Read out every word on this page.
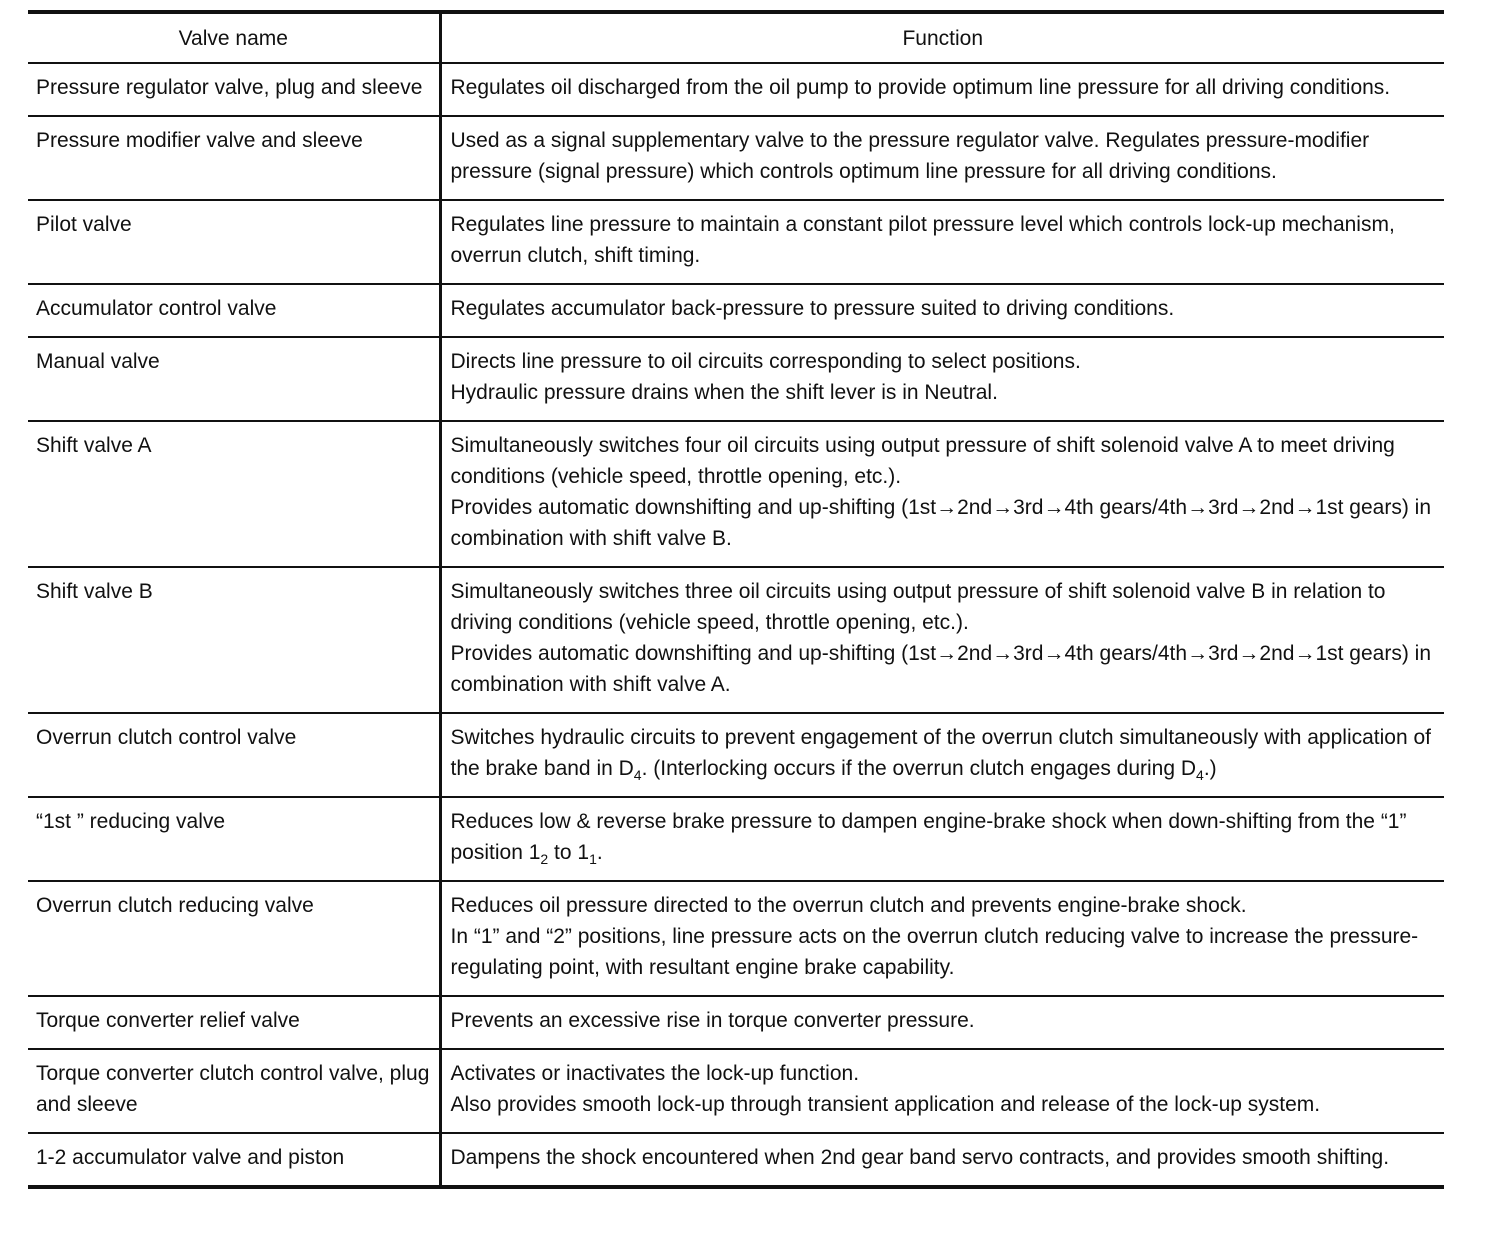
Valve name	Function
Pressure regulator valve, plug and sleeve	Regulates oil discharged from the oil pump to provide optimum line pressure for all driving conditions.

Pressure modifier valve and sleeve	Used as a signal supplementary valve to the pressure regulator valve. Regulates pressure-modifier pressure (signal pressure) which controls optimum line pressure for all driving conditions.

Pilot valve	Regulates line pressure to maintain a constant pilot pressure level which controls lock-up mechanism, overrun clutch, shift timing.

Accumulator control valve	Regulates accumulator back-pressure to pressure suited to driving conditions.

Manual valve	Directs line pressure to oil circuits corresponding to select positions.
Hydraulic pressure drains when the shift lever is in Neutral.

Shift valve A	Simultaneously switches four oil circuits using output pressure of shift solenoid valve A to meet driving conditions (vehicle speed, throttle opening, etc.).
Provides automatic downshifting and up-shifting (1st→2nd→3rd→4th gears/4th→3rd→2nd→1st gears) in combination with shift valve B.

Shift valve B	Simultaneously switches three oil circuits using output pressure of shift solenoid valve B in relation to driving conditions (vehicle speed, throttle opening, etc.).
Provides automatic downshifting and up-shifting (1st→2nd→3rd→4th gears/4th→3rd→2nd→1st gears) in combination with shift valve A.

Overrun clutch control valve	Switches hydraulic circuits to prevent engagement of the overrun clutch simultaneously with application of the brake band in $D_4$. (Interlocking occurs if the overrun clutch engages during $D_4$.)

“1st ” reducing valve	Reduces low & reverse brake pressure to dampen engine-brake shock when down-shifting from the “1” position $1_2$ to $1_1$.

Overrun clutch reducing valve	Reduces oil pressure directed to the overrun clutch and prevents engine-brake shock.
In “1” and “2” positions, line pressure acts on the overrun clutch reducing valve to increase the pressure-regulating point, with resultant engine brake capability.

Torque converter relief valve	Prevents an excessive rise in torque converter pressure.

Torque converter clutch control valve, plug and sleeve	Activates or inactivates the lock-up function.
Also provides smooth lock-up through transient application and release of the lock-up system.

1-2 accumulator valve and piston	Dampens the shock encountered when 2nd gear band servo contracts, and provides smooth shifting.
